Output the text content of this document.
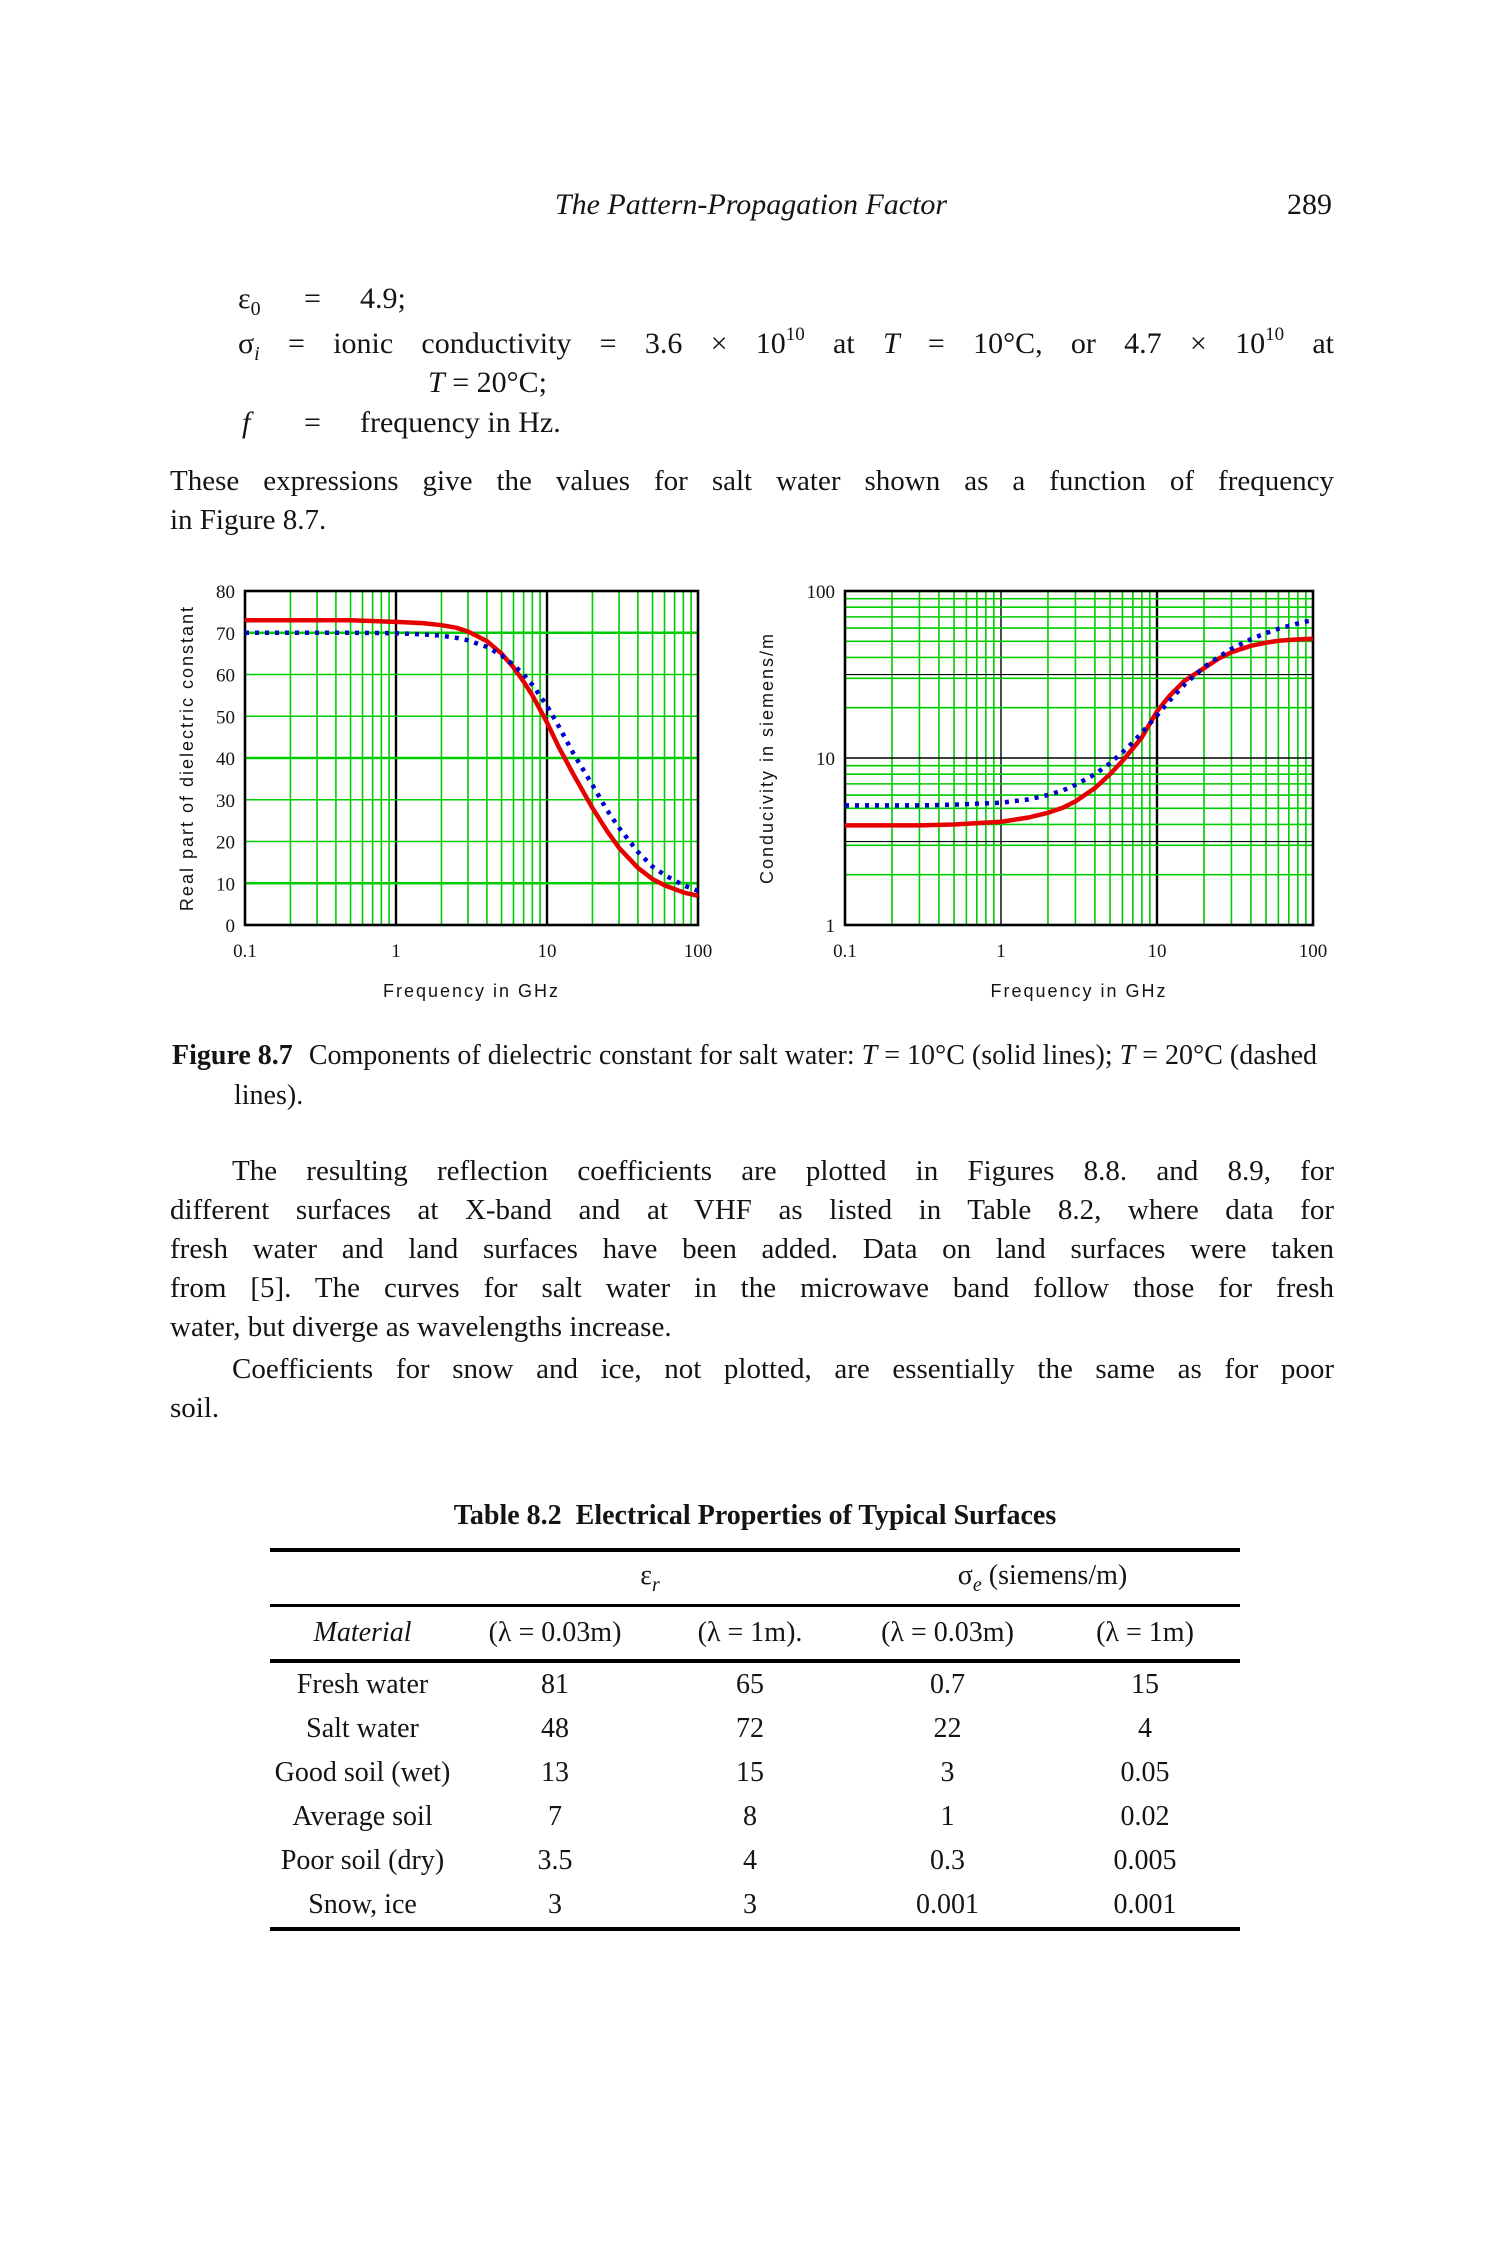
The Pattern-Propagation Factor	289
$\varepsilon_0 = 4.9$;
$\sigma_i$ = ionic conductivity = $3.6 \times 10^{10}$ at T = 10°C, or $4.7 \times 10^{10}$ at
T = 20°C;
f = frequency in Hz.
These expressions give the values for salt water shown as a function of frequency
in Figure 8.7.
0
10
20
30
40
50
60
70
80
0.1	1	10	100
Frequency in GHz
Real part of dielectric constant
1
10
100
0.1	1	10	100
Frequency in GHz
Conducivity in siemens/m
Figure 8.7 Components of dielectric constant for salt water: T = 10°C (solid lines); T = 20°C (dashed
lines).
The resulting reflection coefficients are plotted in Figures 8.8. and 8.9, for
different surfaces at X-band and at VHF as listed in Table 8.2, where data for
fresh water and land surfaces have been added. Data on land surfaces were taken
from [5]. The curves for salt water in the microwave band follow those for fresh
water, but diverge as wavelengths increase.
Coefficients for snow and ice, not plotted, are essentially the same as for poor
soil.
Table 8.2  Electrical Properties of Typical Surfaces
	$\varepsilon_r$		$\sigma_e$ (siemens/m)	
Material	(λ = 0.03m)	(λ = 1m).	(λ = 0.03m)	(λ = 1m)
Fresh water	81	65	0.7	15
Salt water	48	72	22	4
Good soil (wet)	13	15	3	0.05
Average soil	7	8	1	0.02
Poor soil (dry)	3.5	4	0.3	0.005
Snow, ice	3	3	0.001	0.001
